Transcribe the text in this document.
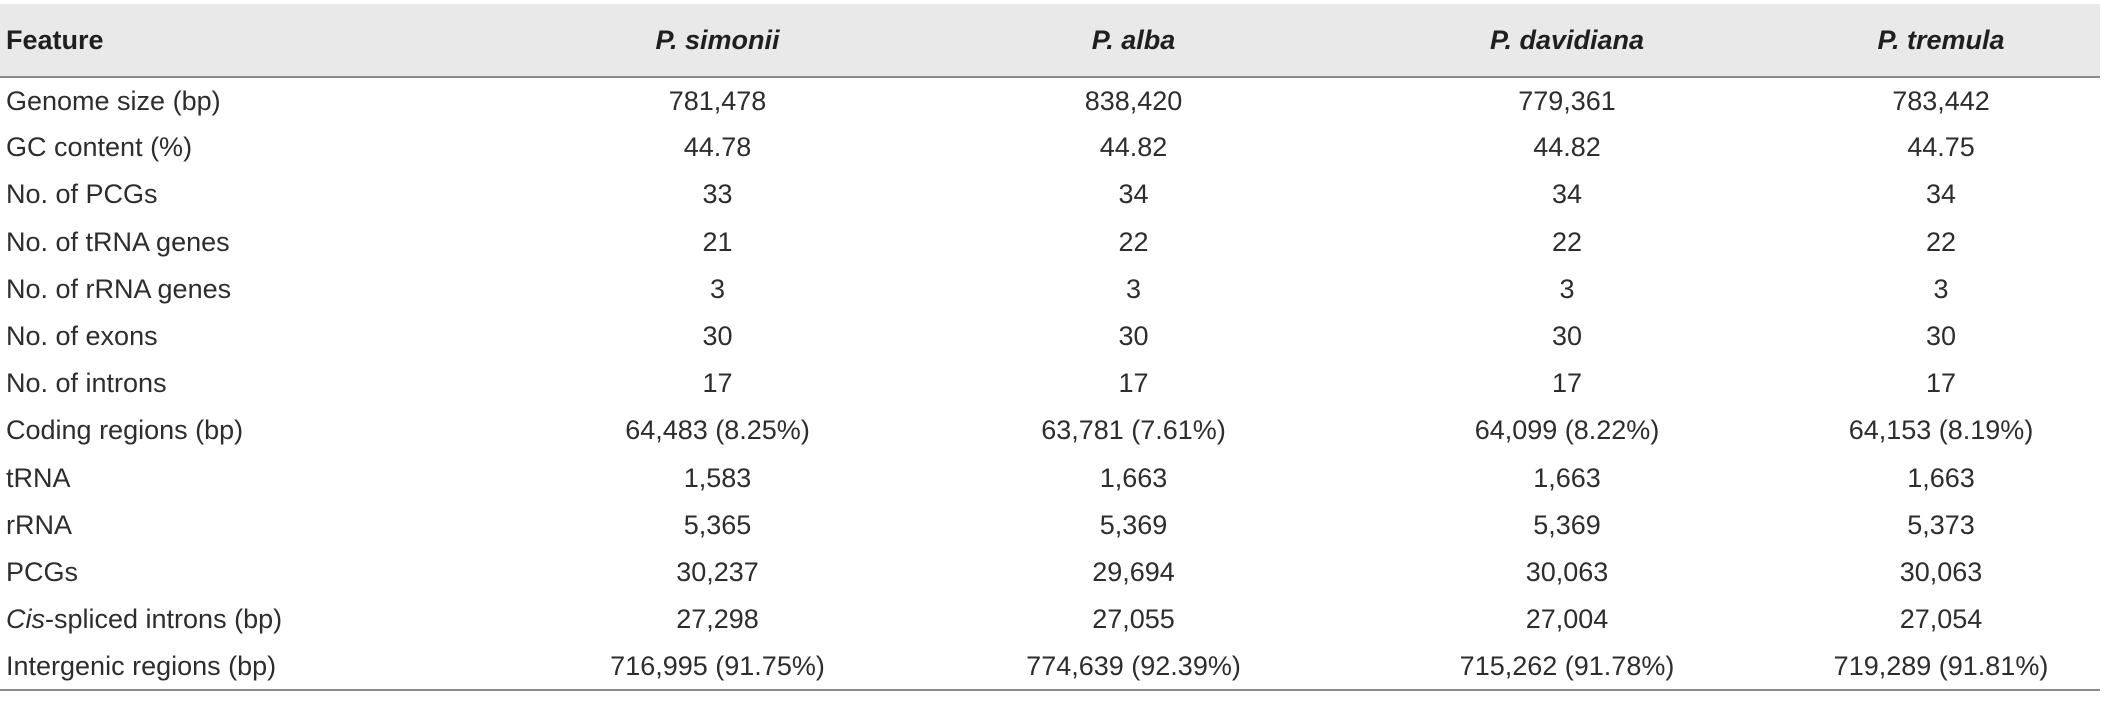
Feature	P. simonii	P. alba	P. davidiana	P. tremula
Genome size (bp)	781,478	838,420	779,361	783,442
GC content (%)	44.78	44.82	44.82	44.75
No. of PCGs	33	34	34	34
No. of tRNA genes	21	22	22	22
No. of rRNA genes	3	3	3	3
No. of exons	30	30	30	30
No. of introns	17	17	17	17
Coding regions (bp)	64,483 (8.25%)	63,781 (7.61%)	64,099 (8.22%)	64,153 (8.19%)
tRNA	1,583	1,663	1,663	1,663
rRNA	5,365	5,369	5,369	5,373
PCGs	30,237	29,694	30,063	30,063
Cis-spliced introns (bp)	27,298	27,055	27,004	27,054
Intergenic regions (bp)	716,995 (91.75%)	774,639 (92.39%)	715,262 (91.78%)	719,289 (91.81%)
